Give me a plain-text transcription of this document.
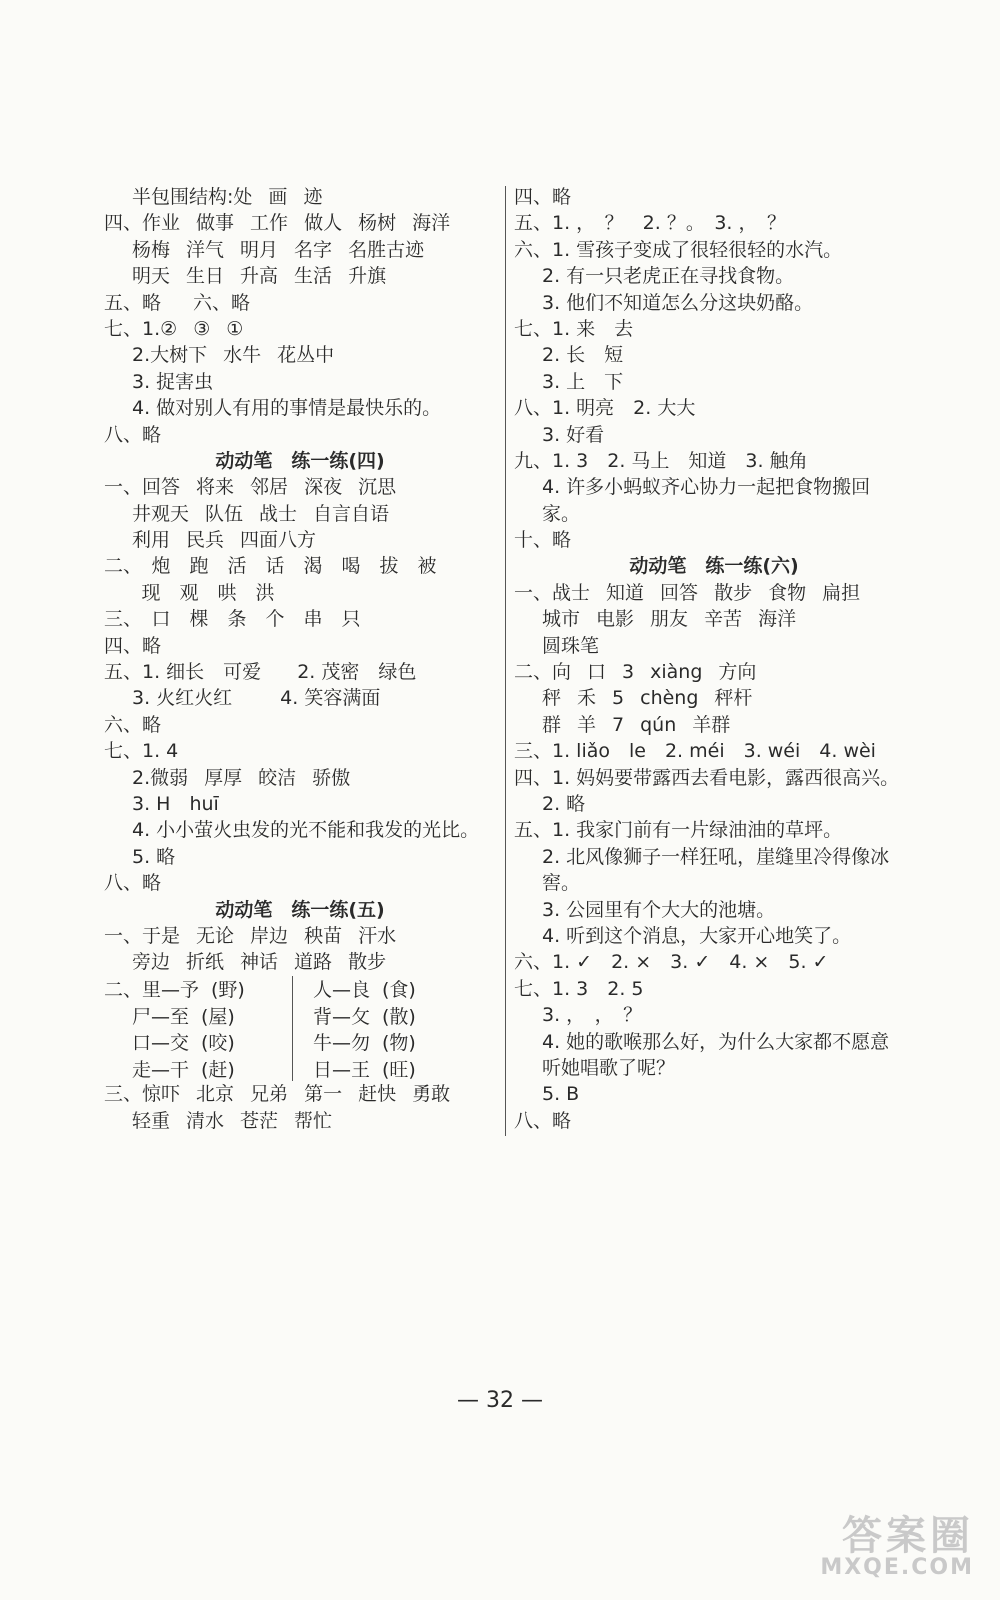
半包围结构:处 画 迹
四、作业 做事 工作 做人 杨树 海洋
杨梅 洋气 明月 名字 名胜古迹
明天 生日 升高 生活 升旗
五、略 六、略
七、1.② ③ ①
2.大树下 水牛 花丛中
3. 捉害虫
4. 做对别人有用的事情是最快乐的。
八、略
动动笔　练一练(四)
一、回答 将来 邻居 深夜 沉思
井观天 队伍 战士 自言自语
利用 民兵 四面八方
二、 炮 跑 活 话 渴 喝 拔 被
现 观 哄 洪
三、 口 棵 条 个 串 只
四、略
五、1. 细长　可爱 2. 茂密　绿色
3. 火红火红	4. 笑容满面
六、略
七、1. 4
2.微弱 厚厚 皎洁 骄傲
3. H　huī
4. 小小萤火虫发的光不能和我发的光比。
5. 略
八、略
动动笔　练一练(五)
一、于是 无论 岸边 秧苗 汗水
旁边 折纸 神话 道路 散步
二、里—予 (野)	人—良 (食)
尸—至 (屋)	背—攵 (散)
口—交 (咬)	牛—勿 (物)
走—干 (赶)	日—王 (旺)
三、惊吓 北京 兄弟 第一 赶快 勇敢
轻重 清水 苍茫 帮忙
四、略
五、1. ，　？　2. ？。　3. ，　？
六、1. 雪孩子变成了很轻很轻的水汽。
2. 有一只老虎正在寻找食物。
3. 他们不知道怎么分这块奶酪。
七、1. 来　去
2. 长　短
3. 上　下
八、1. 明亮　2. 大大
3. 好看
九、1. 3　2. 马上　知道　3. 触角
4. 许多小蚂蚁齐心协力一起把食物搬回
家。
十、略
动动笔　练一练(六)
一、战士 知道 回答 散步 食物 扁担
城市 电影 朋友 辛苦 海洋
圆珠笔
二、向 口 3 xiàng 方向
秤 禾 5 chèng 秤杆
群 羊 7 qún 羊群
三、1. liǎo　le　2. méi　3. wéi　4. wèi
四、1. 妈妈要带露西去看电影，露西很高兴。
2. 略
五、1. 我家门前有一片绿油油的草坪。
2. 北风像狮子一样狂吼，崖缝里冷得像冰
窖。
3. 公园里有个大大的池塘。
4. 听到这个消息，大家开心地笑了。
六、1. ✓　2. ×　3. ✓　4. ×　5. ✓
七、1. 3　2. 5
3. ，　，　？
4. 她的歌喉那么好，为什么大家都不愿意
听她唱歌了呢？
5. B
八、略
— 32 —
答案圈
MXQE.COM
